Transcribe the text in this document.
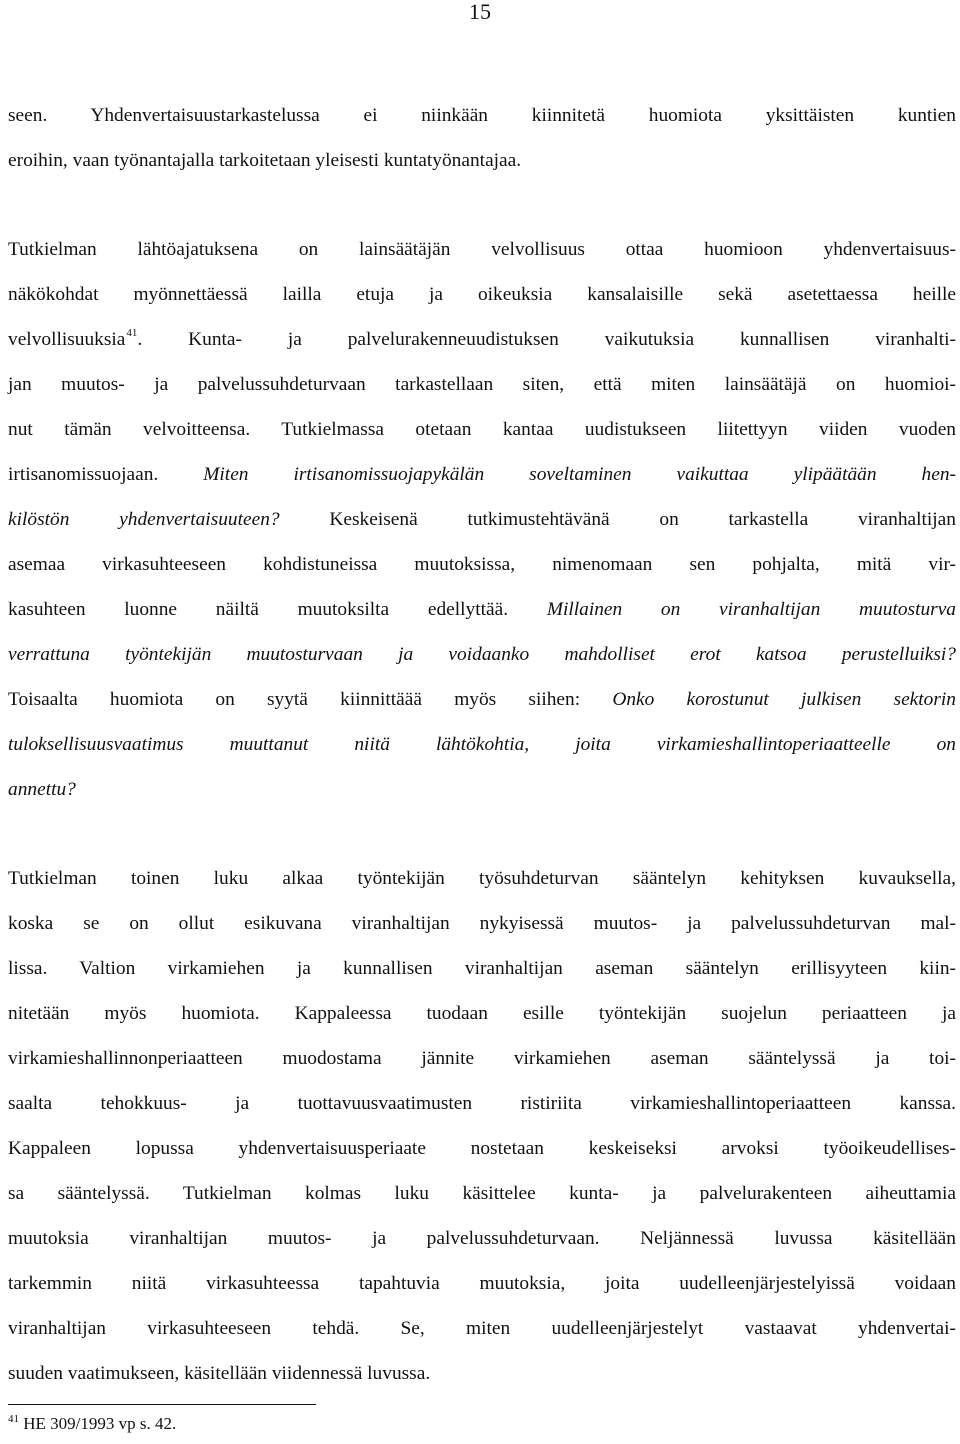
15
seen. Yhdenvertaisuustarkastelussa ei niinkään kiinnitetä huomiota yksittäisten kuntien
eroihin, vaan työnantajalla tarkoitetaan yleisesti kuntatyönantajaa.
Tutkielman lähtöajatuksena on lainsäätäjän velvollisuus ottaa huomioon yhdenvertaisuus-
näkökohdat myönnettäessä lailla etuja ja oikeuksia kansalaisille sekä asetettaessa heille
velvollisuuksia$^{41}$. Kunta- ja palvelurakenneuudistuksen vaikutuksia kunnallisen viranhalti-
jan muutos- ja palvelussuhdeturvaan tarkastellaan siten, että miten lainsäätäjä on huomioi-
nut tämän velvoitteensa. Tutkielmassa otetaan kantaa uudistukseen liitettyyn viiden vuoden
irtisanomissuojaan. Miten irtisanomissuojapykälän soveltaminen vaikuttaa ylipäätään hen-
kilöstön yhdenvertaisuuteen? Keskeisenä tutkimustehtävänä on tarkastella viranhaltijan
asemaa virkasuhteeseen kohdistuneissa muutoksissa, nimenomaan sen pohjalta, mitä vir-
kasuhteen luonne näiltä muutoksilta edellyttää. Millainen on viranhaltijan muutosturva
verrattuna työntekijän muutosturvaan ja voidaanko mahdolliset erot katsoa perustelluiksi?
Toisaalta huomiota on syytä kiinnittäää myös siihen: Onko korostunut julkisen sektorin
tuloksellisuusvaatimus muuttanut niitä lähtökohtia, joita virkamieshallintoperiaatteelle on
annettu?
Tutkielman toinen luku alkaa työntekijän työsuhdeturvan sääntelyn kehityksen kuvauksella,
koska se on ollut esikuvana viranhaltijan nykyisessä muutos- ja palvelussuhdeturvan mal-
lissa. Valtion virkamiehen ja kunnallisen viranhaltijan aseman sääntelyn erillisyyteen kiin-
nitetään myös huomiota. Kappaleessa tuodaan esille työntekijän suojelun periaatteen ja
virkamieshallinnonperiaatteen muodostama jännite virkamiehen aseman sääntelyssä ja toi-
saalta tehokkuus- ja tuottavuusvaatimusten ristiriita virkamieshallintoperiaatteen kanssa.
Kappaleen lopussa yhdenvertaisuusperiaate nostetaan keskeiseksi arvoksi työoikeudellises-
sa sääntelyssä. Tutkielman kolmas luku käsittelee kunta- ja palvelurakenteen aiheuttamia
muutoksia viranhaltijan muutos- ja palvelussuhdeturvaan. Neljännessä luvussa käsitellään
tarkemmin niitä virkasuhteessa tapahtuvia muutoksia, joita uudelleenjärjestelyissä voidaan
viranhaltijan virkasuhteeseen tehdä. Se, miten uudelleenjärjestelyt vastaavat yhdenvertai-
suuden vaatimukseen, käsitellään viidennessä luvussa.
$^{41}$ HE 309/1993 vp s. 42.
